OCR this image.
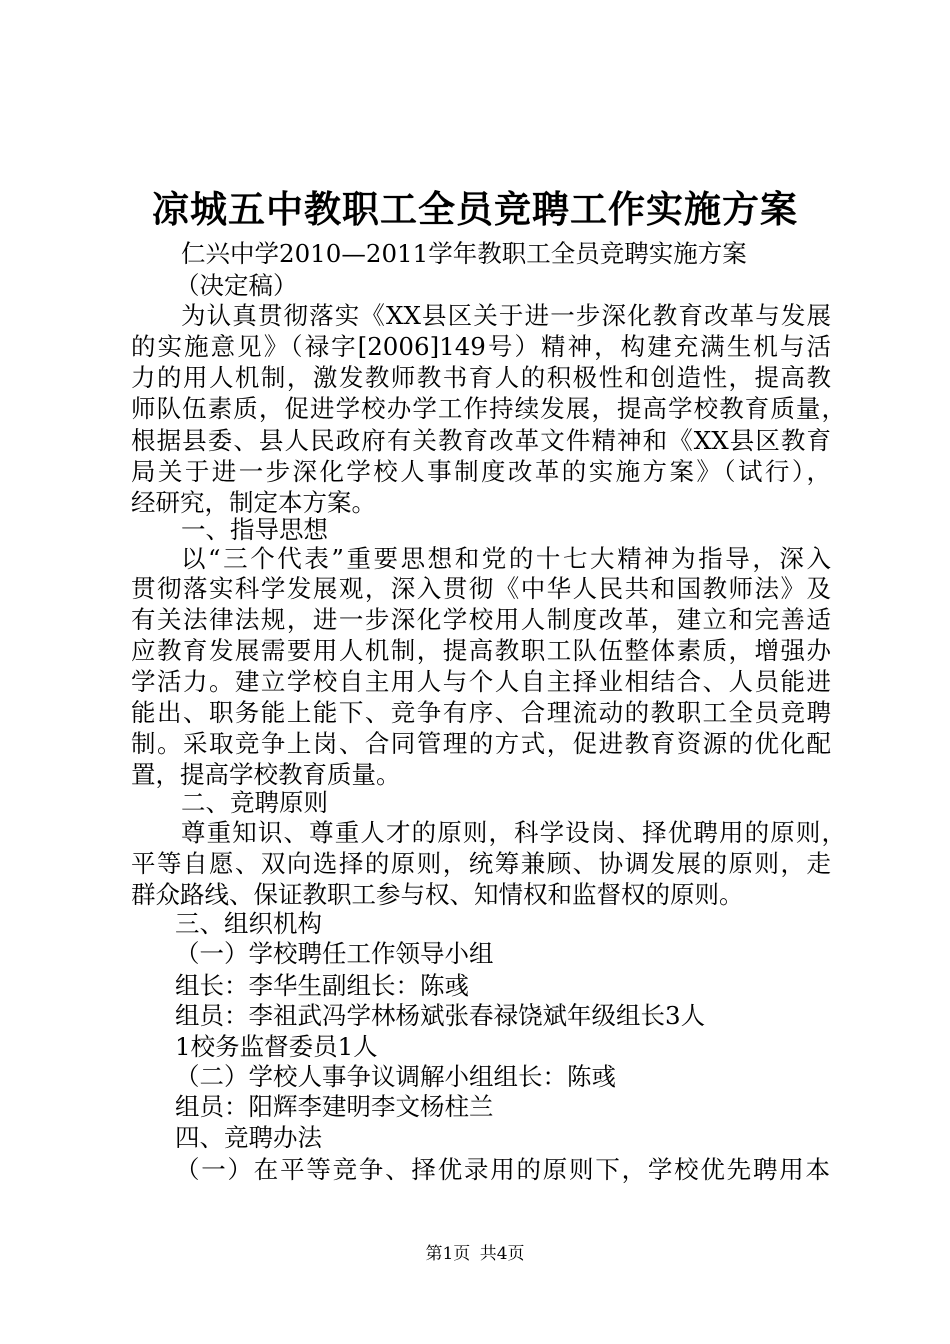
凉城五中教职工全员竞聘工作实施方案

仁兴中学2010—2011学年教职工全员竞聘实施方案

（决定稿）

为认真贯彻落实《XX县区关于进一步深化教育改革与发展

的实施意见》（禄字[2006]149号）精神，构建充满生机与活

力的用人机制，激发教师教书育人的积极性和创造性，提高教

师队伍素质，促进学校办学工作持续发展，提高学校教育质量，

根据县委、县人民政府有关教育改革文件精神和《XX县区教育

局关于进一步深化学校人事制度改革的实施方案》（试行），

经研究，制定本方案。

一、指导思想

以“三个代表”重要思想和党的十七大精神为指导，深入

贯彻落实科学发展观，深入贯彻《中华人民共和国教师法》及

有关法律法规，进一步深化学校用人制度改革，建立和完善适

应教育发展需要用人机制，提高教职工队伍整体素质，增强办

学活力。建立学校自主用人与个人自主择业相结合、人员能进

能出、职务能上能下、竞争有序、合理流动的教职工全员竞聘

制。采取竞争上岗、合同管理的方式，促进教育资源的优化配

置，提高学校教育质量。

二、竞聘原则

尊重知识、尊重人才的原则，科学设岗、择优聘用的原则，

平等自愿、双向选择的原则，统筹兼顾、协调发展的原则，走

群众路线、保证教职工参与权、知情权和监督权的原则。

三、组织机构

（一）学校聘任工作领导小组

组长：李华生副组长：陈彧

组员：李祖武冯学林杨斌张春禄饶斌年级组长3人

1校务监督委员1人

（二）学校人事争议调解小组组长：陈彧

组员：阳辉李建明李文杨柱兰

四、竞聘办法

（一）在平等竞争、择优录用的原则下，学校优先聘用本

第1页 共4页
